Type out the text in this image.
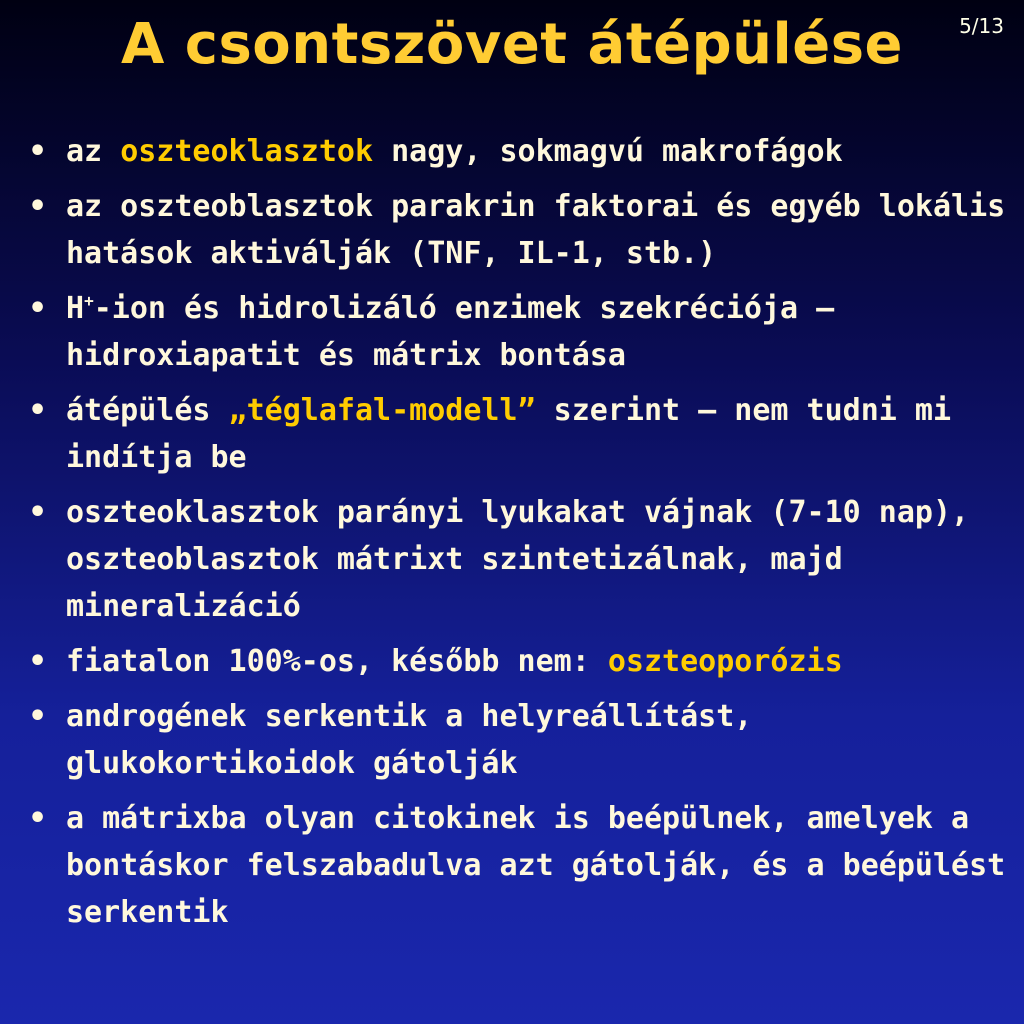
5/13
A csontszövet átépülése
• az oszteoklasztok nagy, sokmagvú makrofágok
• az oszteoblasztok parakrin faktorai és egyéb lokális hatások aktiválják (TNF, IL-1, stb.)
• H+-ion és hidrolizáló enzimek szekréciója – hidroxiapatit és mátrix bontása
• átépülés „téglafal-modell” szerint – nem tudni mi indítja be
• oszteoklasztok parányi lyukakat vájnak (7-10 nap), oszteoblasztok mátrixt szintetizálnak, majd mineralizáció
• fiatalon 100%-os, később nem: oszteoporózis
• androgének serkentik a helyreállítást, glukokortikoidok gátolják
• a mátrixba olyan citokinek is beépülnek, amelyek a bontáskor felszabadulva azt gátolják, és a beépülést serkentik
